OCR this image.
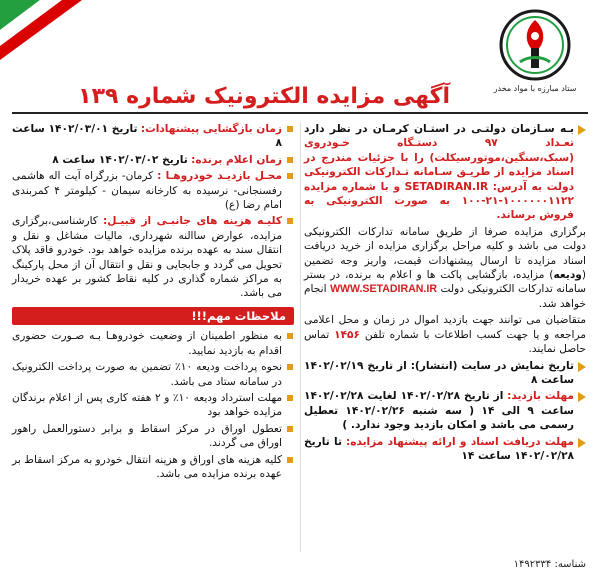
ستاد مبارزه با مواد مخدر
آگهی مزایده الکترونیک شماره ۱۳۹
بـه سـازمان دولتـی در استـان کرمـان در نظر دارد تعـداد ۹۷ دستـگاه خـودروی (سبک،سنگین،موتورسیکلت) را با جزئیات مندرج در اسناد مزایده از طریـق سـامانه تـدارکات الکترونیکی دولت به آدرس: SETADIRAN.IR و با شماره مزایده ۱۰۰۰۰۰۰۱۱۲۲-۲۱-۱۰۰ به صورت الکترونیکی به فروش برساند.

برگزاری مزایده صرفا از طریق سامانه تدارکات الکترونیکی دولت می باشد و کلیه مراحل برگزاری مزایده از خرید دریافت اسناد مزایده تا ارسال پیشنهادات قیمت، واریز وجه تضمین (ودیعه) مزایده، بازگشایی پاکت ها و اعلام به برنده، در بستر سامانه تدارکات الکترونیکی دولت WWW.SETADIRAN.IR انجام خواهد شد.

متقاضیان می توانند جهت بازدید اموال در زمان و محل اعلامی مراجعه و یا جهت کسب اطلاعات با شماره تلفن ۱۴۵۶ تماس حاصل نمایند.

تاریخ نمایش در سایت (انتشار): از تاریخ ۱۴۰۲/۰۲/۱۹ ساعت ۸
مهلت بازدید: از تاریخ ۱۴۰۲/۰۲/۲۸ لغایت ۱۴۰۲/۰۲/۲۸ ساعت ۹ الی ۱۴ ( سه شنبه ۱۴۰۲/۰۲/۲۶ تعطیل رسمی می باشد و امکان بازدید وجود ندارد. )
مهلت دریافت اسناد و ارائه پیشنهاد مزایده: تا تاریخ ۱۴۰۲/۰۲/۲۸ ساعت ۱۴
زمان بازگشایی پیشنهادات: تاریخ ۱۴۰۲/۰۳/۰۱ ساعت ۸
زمان اعلام برنده: تاریخ ۱۴۰۲/۰۳/۰۲ ساعت ۸
محـل بازدیـد خودروهـا : کرمان- بزرگراه آیت اله هاشمی رفسنجانی- نرسیده به کارخانه سیمان - کیلومتر ۴ کمربندی امام رضا (ع)
کلیـه هزینه های جانبـی از قبیـل: کارشناسی،برگزاری مزایده، عوارض ساالنه شهرداری، مالیات مشاغل و نقل و انتقال سند به عهده برنده مزایده خواهد بود. خودرو فاقد پلاک تحویل می گردد و جابجایی و نقل و انتقال آن از محل پارکینگ به مراکز شماره گذاری در کلیه نقاط کشور بر عهده خریدار می باشد.
ملاحظات مهم!!!
به منظور اطمینان از وضعیت خودروهـا بـه صـورت حضوری اقدام به بازدید نمایید.
نحوه پرداخت ودیعه ۱۰٪ تضمین به صورت پرداخت الکترونیک در سامانه ستاد می باشد.
مهلت استرداد ودیعه ۱۰٪ و ۲ هفته کاری پس از اعلام برندگان مزایده خواهد بود
تعطول اوراق در مرکز اسقاط و برابر دستورالعمل راهور اوراق می گردند.
کلیه هزینه های اوراق و هزینه انتقال خودرو به مرکز اسقاط بر عهده برنده مزایده می باشد.
شناسه: ۱۴۹۲۳۳۴
